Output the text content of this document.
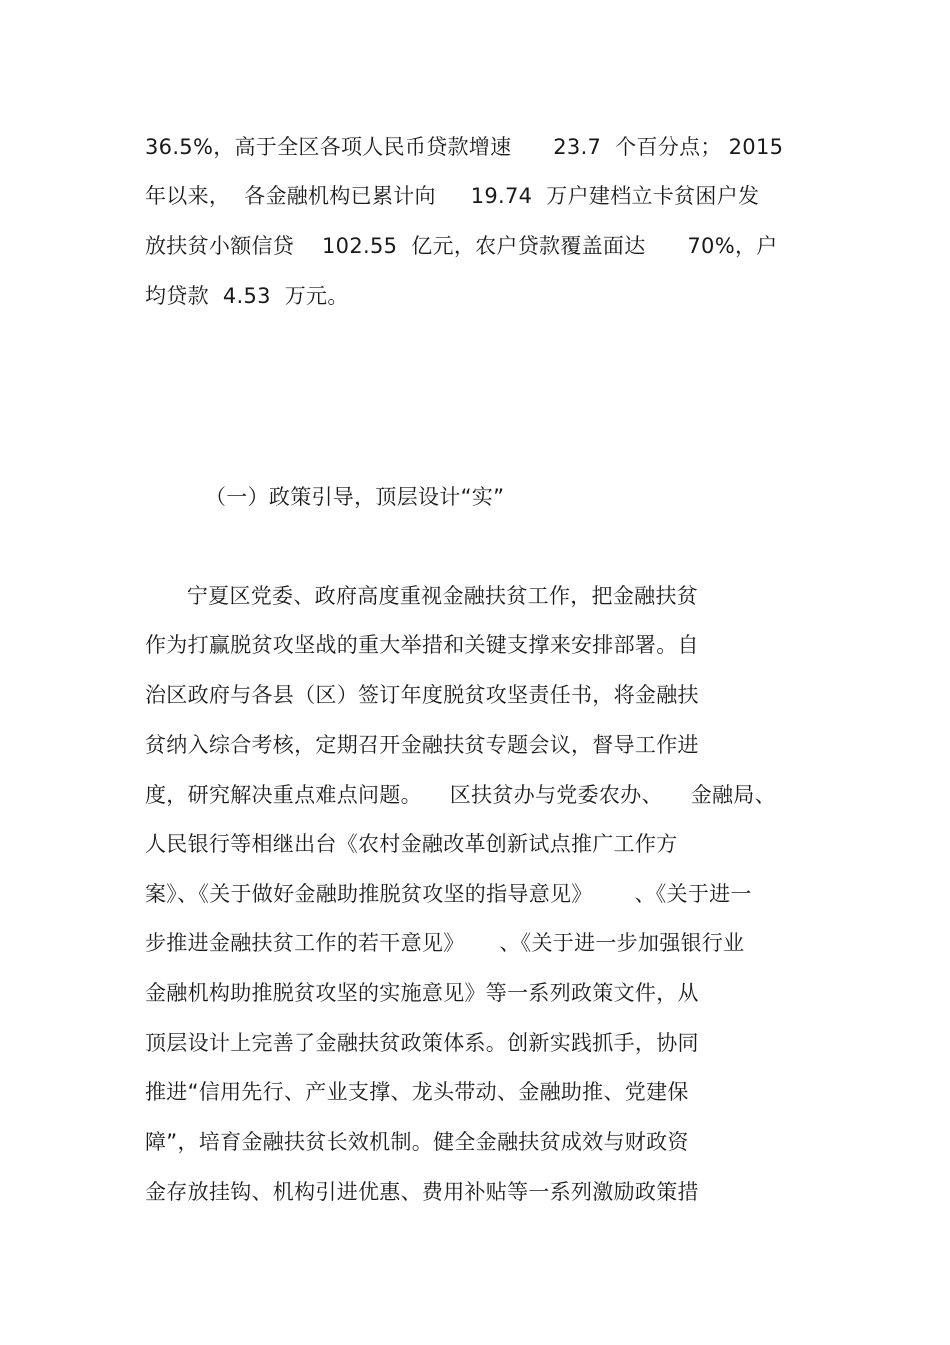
36.5%，高于全区各项人民币贷款增速      23.7  个百分点； 2015
年以来，  各金融机构已累计向     19.74  万户建档立卡贫困户发
放扶贫小额信贷    102.55  亿元，农户贷款覆盖面达      70%，户
均贷款  4.53  万元。
（一）政策引导，顶层设计“实”
宁夏区党委、政府高度重视金融扶贫工作，把金融扶贫
作为打赢脱贫攻坚战的重大举措和关键支撑来安排部署。自
治区政府与各县（区）签订年度脱贫攻坚责任书，将金融扶
贫纳入综合考核，定期召开金融扶贫专题会议，督导工作进
度，研究解决重点难点问题。    区扶贫办与党委农办、    金融局、
人民银行等相继出台《农村金融改革创新试点推广工作方
案》、《关于做好金融助推脱贫攻坚的指导意见》      、《关于进一
步推进金融扶贫工作的若干意见》     、《关于进一步加强银行业
金融机构助推脱贫攻坚的实施意见》等一系列政策文件，从
顶层设计上完善了金融扶贫政策体系。创新实践抓手，协同
推进“信用先行、产业支撑、龙头带动、金融助推、党建保
障”，培育金融扶贫长效机制。健全金融扶贫成效与财政资
金存放挂钩、机构引进优惠、费用补贴等一系列激励政策措
